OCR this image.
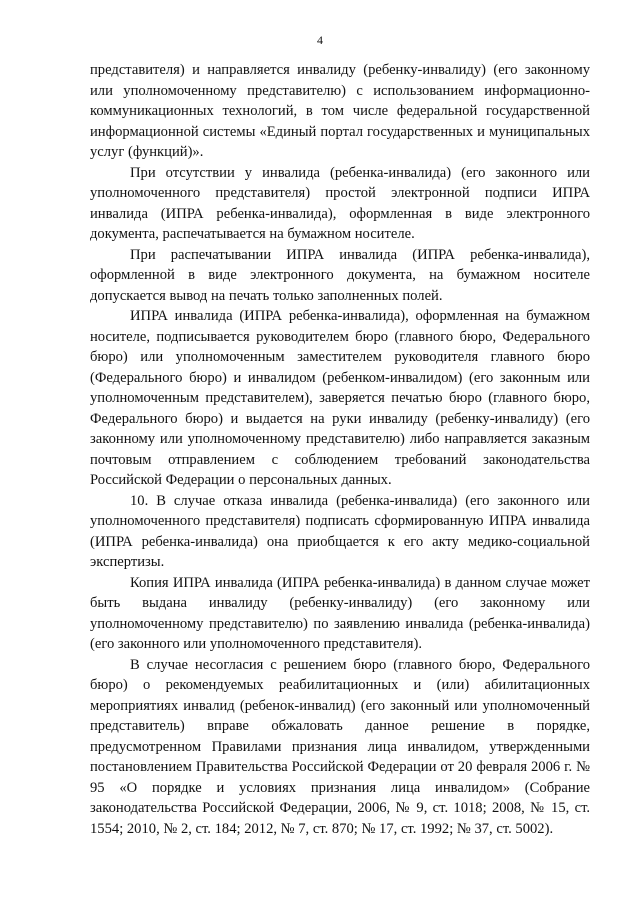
4

представителя) и направляется инвалиду (ребенку-инвалиду) (его законному или уполномоченному представителю) с использованием информационно-коммуникационных технологий, в том числе федеральной государственной информационной системы «Единый портал государственных и муниципальных услуг (функций)».

При отсутствии у инвалида (ребенка-инвалида) (его законного или уполномоченного представителя) простой электронной подписи ИПРА инвалида (ИПРА ребенка-инвалида), оформленная в виде электронного документа, распечатывается на бумажном носителе.

При распечатывании ИПРА инвалида (ИПРА ребенка-инвалида), оформленной в виде электронного документа, на бумажном носителе допускается вывод на печать только заполненных полей.

ИПРА инвалида (ИПРА ребенка-инвалида), оформленная на бумажном носителе, подписывается руководителем бюро (главного бюро, Федерального бюро) или уполномоченным заместителем руководителя главного бюро (Федерального бюро) и инвалидом (ребенком-инвалидом) (его законным или уполномоченным представителем), заверяется печатью бюро (главного бюро, Федерального бюро) и выдается на руки инвалиду (ребенку-инвалиду) (его законному или уполномоченному представителю) либо направляется заказным почтовым отправлением с соблюдением требований законодательства Российской Федерации о персональных данных.

10. В случае отказа инвалида (ребенка-инвалида) (его законного или уполномоченного представителя) подписать сформированную ИПРА инвалида (ИПРА ребенка-инвалида) она приобщается к его акту медико-социальной экспертизы.

Копия ИПРА инвалида (ИПРА ребенка-инвалида) в данном случае может быть выдана инвалиду (ребенку-инвалиду) (его законному или уполномоченному представителю) по заявлению инвалида (ребенка-инвалида) (его законного или уполномоченного представителя).

В случае несогласия с решением бюро (главного бюро, Федерального бюро) о рекомендуемых реабилитационных и (или) абилитационных мероприятиях инвалид (ребенок-инвалид) (его законный или уполномоченный представитель) вправе обжаловать данное решение в порядке, предусмотренном Правилами признания лица инвалидом, утвержденными постановлением Правительства Российской Федерации от 20 февраля 2006 г. № 95 «О порядке и условиях признания лица инвалидом» (Собрание законодательства Российской Федерации, 2006, № 9, ст. 1018; 2008, № 15, ст. 1554; 2010, № 2, ст. 184; 2012, № 7, ст. 870; № 17, ст. 1992; № 37, ст. 5002).
